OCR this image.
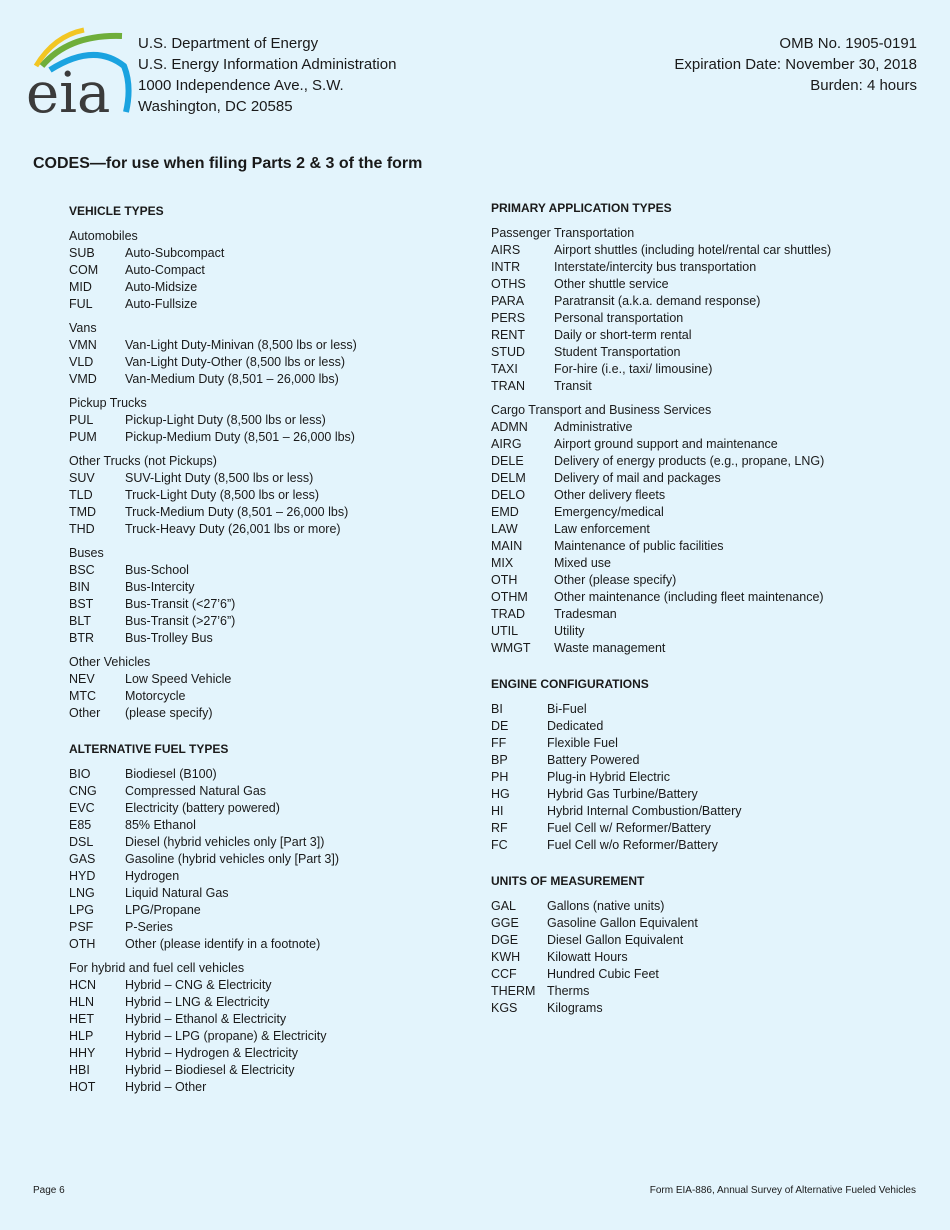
eia
U.S. Department of Energy
U.S. Energy Information Administration
1000 Independence Ave., S.W.
Washington, DC 20585
OMB No. 1905-0191
Expiration Date: November 30, 2018
Burden: 4 hours
CODES—for use when filing Parts 2 & 3 of the form
VEHICLE TYPES
Automobiles
SUB	Auto-Subcompact
COM	Auto-Compact
MID	Auto-Midsize
FUL	Auto-Fullsize
Vans
VMN	Van-Light Duty-Minivan (8,500 lbs or less)
VLD	Van-Light Duty-Other (8,500 lbs or less)
VMD	Van-Medium Duty (8,501 – 26,000 lbs)
Pickup Trucks
PUL	Pickup-Light Duty (8,500 lbs or less)
PUM	Pickup-Medium Duty (8,501 – 26,000 lbs)
Other Trucks (not Pickups)
SUV	SUV-Light Duty (8,500 lbs or less)
TLD	Truck-Light Duty (8,500 lbs or less)
TMD	Truck-Medium Duty (8,501 – 26,000 lbs)
THD	Truck-Heavy Duty (26,001 lbs or more)
Buses
BSC	Bus-School
BIN	Bus-Intercity
BST	Bus-Transit (<27’6”)
BLT	Bus-Transit (>27’6”)
BTR	Bus-Trolley Bus
Other Vehicles
NEV	Low Speed Vehicle
MTC	Motorcycle
Other	(please specify)
ALTERNATIVE FUEL TYPES
BIO	Biodiesel (B100)
CNG	Compressed Natural Gas
EVC	Electricity (battery powered)
E85	85% Ethanol
DSL	Diesel (hybrid vehicles only [Part 3])
GAS	Gasoline (hybrid vehicles only [Part 3])
HYD	Hydrogen
LNG	Liquid Natural Gas
LPG	LPG/Propane
PSF	P-Series
OTH	Other (please identify in a footnote)
For hybrid and fuel cell vehicles
HCN	Hybrid – CNG & Electricity
HLN	Hybrid – LNG & Electricity
HET	Hybrid – Ethanol & Electricity
HLP	Hybrid – LPG (propane) & Electricity
HHY	Hybrid – Hydrogen & Electricity
HBI	Hybrid – Biodiesel & Electricity
HOT	Hybrid – Other
PRIMARY APPLICATION TYPES
Passenger Transportation
AIRS	Airport shuttles (including hotel/rental car shuttles)
INTR	Interstate/intercity bus transportation
OTHS	Other shuttle service
PARA	Paratransit (a.k.a. demand response)
PERS	Personal transportation
RENT	Daily or short-term rental
STUD	Student Transportation
TAXI	For-hire (i.e., taxi/ limousine)
TRAN	Transit
Cargo Transport and Business Services
ADMN	Administrative
AIRG	Airport ground support and maintenance
DELE	Delivery of energy products (e.g., propane, LNG)
DELM	Delivery of mail and packages
DELO	Other delivery fleets
EMD	Emergency/medical
LAW	Law enforcement
MAIN	Maintenance of public facilities
MIX	Mixed use
OTH	Other (please specify)
OTHM	Other maintenance (including fleet maintenance)
TRAD	Tradesman
UTIL	Utility
WMGT	Waste management
ENGINE CONFIGURATIONS
BI	Bi-Fuel
DE	Dedicated
FF	Flexible Fuel
BP	Battery Powered
PH	Plug-in Hybrid Electric
HG	Hybrid Gas Turbine/Battery
HI	Hybrid Internal Combustion/Battery
RF	Fuel Cell w/ Reformer/Battery
FC	Fuel Cell w/o Reformer/Battery
UNITS OF MEASUREMENT
GAL	Gallons (native units)
GGE	Gasoline Gallon Equivalent
DGE	Diesel Gallon Equivalent
KWH	Kilowatt Hours
CCF	Hundred Cubic Feet
THERM Therms
KGS	Kilograms
Page 6	Form EIA-886, Annual Survey of Alternative Fueled Vehicles
